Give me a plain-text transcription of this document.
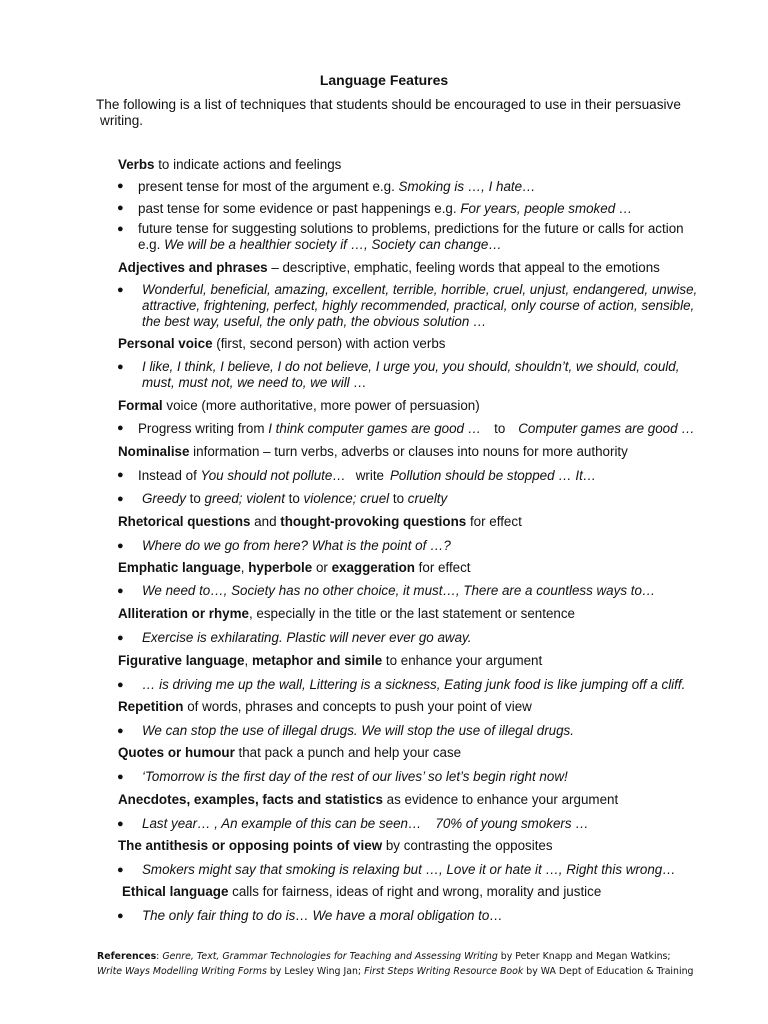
Language Features
The following is a list of techniques that students should be encouraged to use in their persuasive
writing.
Verbs to indicate actions and feelings
● present tense for most of the argument e.g. Smoking is …, I hate…
● past tense for some evidence or past happenings e.g. For years, people smoked …
● future tense for suggesting solutions to problems, predictions for the future or calls for action
e.g. We will be a healthier society if …, Society can change…
Adjectives and phrases – descriptive, emphatic, feeling words that appeal to the emotions
● Wonderful, beneficial, amazing, excellent, terrible, horrible, cruel, unjust, endangered, unwise,
attractive, frightening, perfect, highly recommended, practical, only course of action, sensible,
the best way, useful, the only path, the obvious solution …
Personal voice (first, second person) with action verbs
● I like, I think, I believe, I do not believe, I urge you, you should, shouldn’t, we should, could,
must, must not, we need to, we will …
Formal voice (more authoritative, more power of persuasion)
● Progress writing from I think computer games are good … to Computer games are good …
Nominalise information – turn verbs, adverbs or clauses into nouns for more authority
● Instead of You should not pollute… write Pollution should be stopped … It…
● Greedy to greed; violent to violence; cruel to cruelty
Rhetorical questions and thought-provoking questions for effect
● Where do we go from here? What is the point of …?
Emphatic language, hyperbole or exaggeration for effect
● We need to…, Society has no other choice, it must…, There are a countless ways to…
Alliteration or rhyme, especially in the title or the last statement or sentence
● Exercise is exhilarating. Plastic will never ever go away.
Figurative language, metaphor and simile to enhance your argument
● … is driving me up the wall, Littering is a sickness, Eating junk food is like jumping off a cliff.
Repetition of words, phrases and concepts to push your point of view
● We can stop the use of illegal drugs. We will stop the use of illegal drugs.
Quotes or humour that pack a punch and help your case
● ‘Tomorrow is the first day of the rest of our lives’ so let’s begin right now!
Anecdotes, examples, facts and statistics as evidence to enhance your argument
● Last year… , An example of this can be seen… 70% of young smokers …
The antithesis or opposing points of view by contrasting the opposites
● Smokers might say that smoking is relaxing but …, Love it or hate it …, Right this wrong…
Ethical language calls for fairness, ideas of right and wrong, morality and justice
● The only fair thing to do is… We have a moral obligation to…
References: Genre, Text, Grammar Technologies for Teaching and Assessing Writing by Peter Knapp and Megan Watkins;
Write Ways Modelling Writing Forms by Lesley Wing Jan; First Steps Writing Resource Book by WA Dept of Education & Training
